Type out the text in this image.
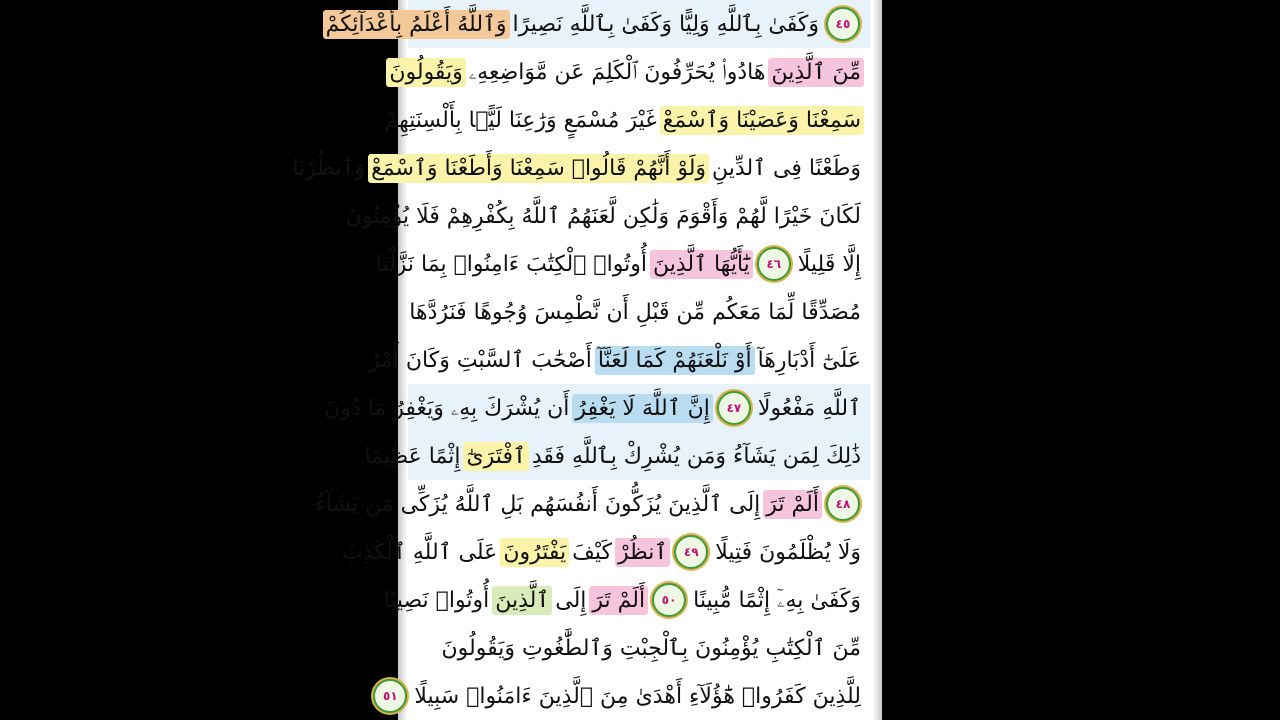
٤٥
وَكَفَىٰ بِٱللَّهِ وَلِيًّا وَكَفَىٰ بِٱللَّهِ نَصِيرًا
وَٱللَّهُ أَعْلَمُ بِأَعْدَآئِكُمْ
مِّنَ ٱلَّذِينَ
هَادُوا۟ يُحَرِّفُونَ ٱلْكَلِمَ عَن مَّوَاضِعِهِۦ
وَيَقُولُونَ
سَمِعْنَا وَعَصَيْنَا وَٱسْمَعْ
غَيْرَ مُسْمَعٍ وَرَٰعِنَا لَيًّۢا بِأَلْسِنَتِهِمْ
وَطَعْنًا فِى ٱلدِّينِ
وَلَوْ أَنَّهُمْ قَالُوا۟ سَمِعْنَا وَأَطَعْنَا وَٱسْمَعْ
وَٱنظُرْنَا
لَكَانَ خَيْرًا لَّهُمْ وَأَقْوَمَ وَلَٰكِن لَّعَنَهُمُ ٱللَّهُ بِكُفْرِهِمْ فَلَا يُؤْمِنُونَ
إِلَّا قَلِيلًا
٤٦
يَٰٓأَيُّهَا ٱلَّذِينَ
أُوتُوا۟ ٱلْكِتَٰبَ ءَامِنُوا۟ بِمَا نَزَّلْنَا
مُصَدِّقًا لِّمَا مَعَكُم مِّن قَبْلِ أَن نَّطْمِسَ وُجُوهًا فَنَرُدَّهَا
عَلَىٰٓ أَدْبَارِهَآ
أَوْ نَلْعَنَهُمْ كَمَا لَعَنَّآ
أَصْحَٰبَ ٱلسَّبْتِ وَكَانَ أَمْرُ
ٱللَّهِ مَفْعُولًا
٤٧
إِنَّ ٱللَّهَ لَا يَغْفِرُ
أَن يُشْرَكَ بِهِۦ وَيَغْفِرُ مَا دُونَ
ذَٰلِكَ لِمَن يَشَآءُ وَمَن يُشْرِكْ بِٱللَّهِ فَقَدِ
ٱفْتَرَىٰٓ
إِثْمًا عَظِيمًا
٤٨
أَلَمْ تَرَ
إِلَى ٱلَّذِينَ يُزَكُّونَ أَنفُسَهُم بَلِ ٱللَّهُ يُزَكِّى مَن يَشَآءُ
وَلَا يُظْلَمُونَ فَتِيلًا
٤٩
ٱنظُرْ
كَيْفَ
يَفْتَرُونَ
عَلَى ٱللَّهِ ٱلْكَذِبَ
وَكَفَىٰ بِهِۦٓ إِثْمًا مُّبِينًا
٥٠
أَلَمْ تَرَ
إِلَى
ٱلَّذِينَ
أُوتُوا۟ نَصِيبًا
مِّنَ ٱلْكِتَٰبِ يُؤْمِنُونَ بِٱلْجِبْتِ وَٱلطَّٰغُوتِ وَيَقُولُونَ
لِلَّذِينَ كَفَرُوا۟ هَٰٓؤُلَآءِ أَهْدَىٰ مِنَ ٱلَّذِينَ ءَامَنُوا۟ سَبِيلًا
٥١
